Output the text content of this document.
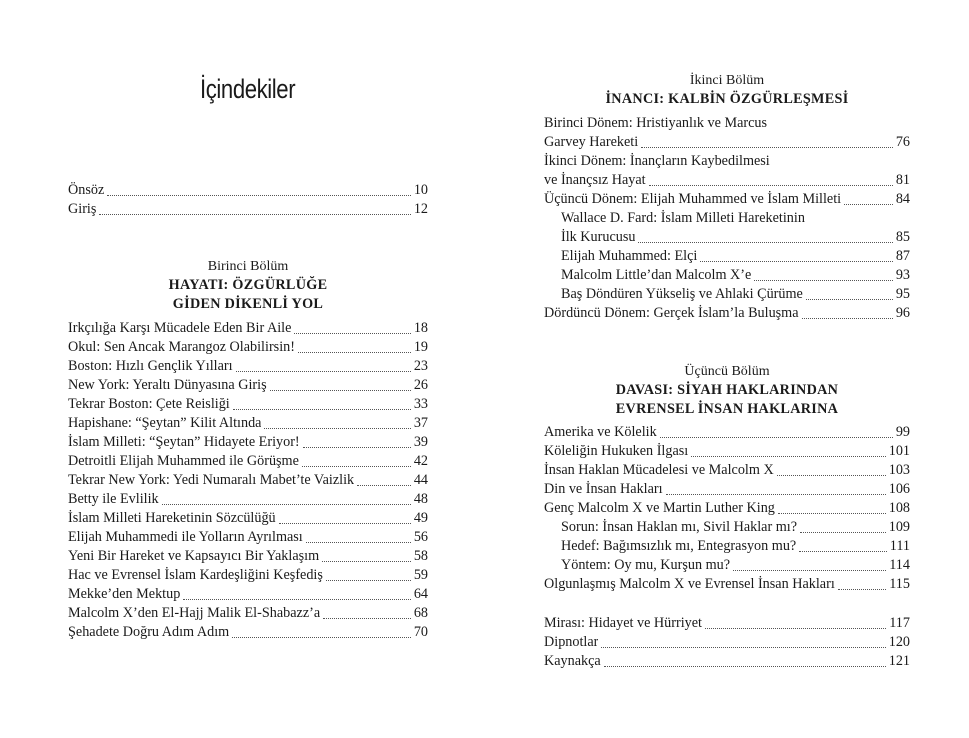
İçindekiler
Önsöz	10
Giriş	12
Birinci Bölüm
HAYATI: ÖZGÜRLÜĞE
GİDEN DİKENLİ YOL
Irkçılığa Karşı Mücadele Eden Bir Aile	18
Okul: Sen Ancak Marangoz Olabilirsin!	19
Boston: Hızlı Gençlik Yılları	23
New York: Yeraltı Dünyasına Giriş	26
Tekrar Boston: Çete Reisliği	33
Hapishane: “Şeytan” Kilit Altında	37
İslam Milleti: “Şeytan” Hidayete Eriyor!	39
Detroitli Elijah Muhammed ile Görüşme	42
Tekrar New York: Yedi Numaralı Mabet’te Vaizlik	44
Betty ile Evlilik	48
İslam Milleti Hareketinin Sözcülüğü	49
Elijah Muhammedi ile Yolların Ayrılması	56
Yeni Bir Hareket ve Kapsayıcı Bir Yaklaşım	58
Hac ve Evrensel İslam Kardeşliğini Keşfediş	59
Mekke’den Mektup	64
Malcolm X’den El-Hajj Malik El-Shabazz’a	68
Şehadete Doğru Adım Adım	70
İkinci Bölüm
İNANCI: KALBİN ÖZGÜRLEŞMESİ
Birinci Dönem: Hristiyanlık ve Marcus
Garvey Hareketi	76
İkinci Dönem: İnançların Kaybedilmesi
ve İnançsız Hayat	81
Üçüncü Dönem: Elijah Muhammed ve İslam Milleti	84
Wallace D. Fard: İslam Milleti Hareketinin
İlk Kurucusu	85
Elijah Muhammed: Elçi	87
Malcolm Little’dan Malcolm X’e	93
Baş Döndüren Yükseliş ve Ahlaki Çürüme	95
Dördüncü Dönem: Gerçek İslam’la Buluşma	96
Üçüncü Bölüm
DAVASI: SİYAH HAKLARINDAN
EVRENSEL İNSAN HAKLARINA
Amerika ve Kölelik	99
Köleliğin Hukuken İlgası	101
İnsan Haklan Mücadelesi ve Malcolm X	103
Din ve İnsan Hakları	106
Genç Malcolm X ve Martin Luther King	108
Sorun: İnsan Haklan mı, Sivil Haklar mı?	109
Hedef: Bağımsızlık mı, Entegrasyon mu?	111
Yöntem: Oy mu, Kurşun mu?	114
Olgunlaşmış Malcolm X ve Evrensel İnsan Hakları	115
Mirası: Hidayet ve Hürriyet	117
Dipnotlar	120
Kaynakça	121
